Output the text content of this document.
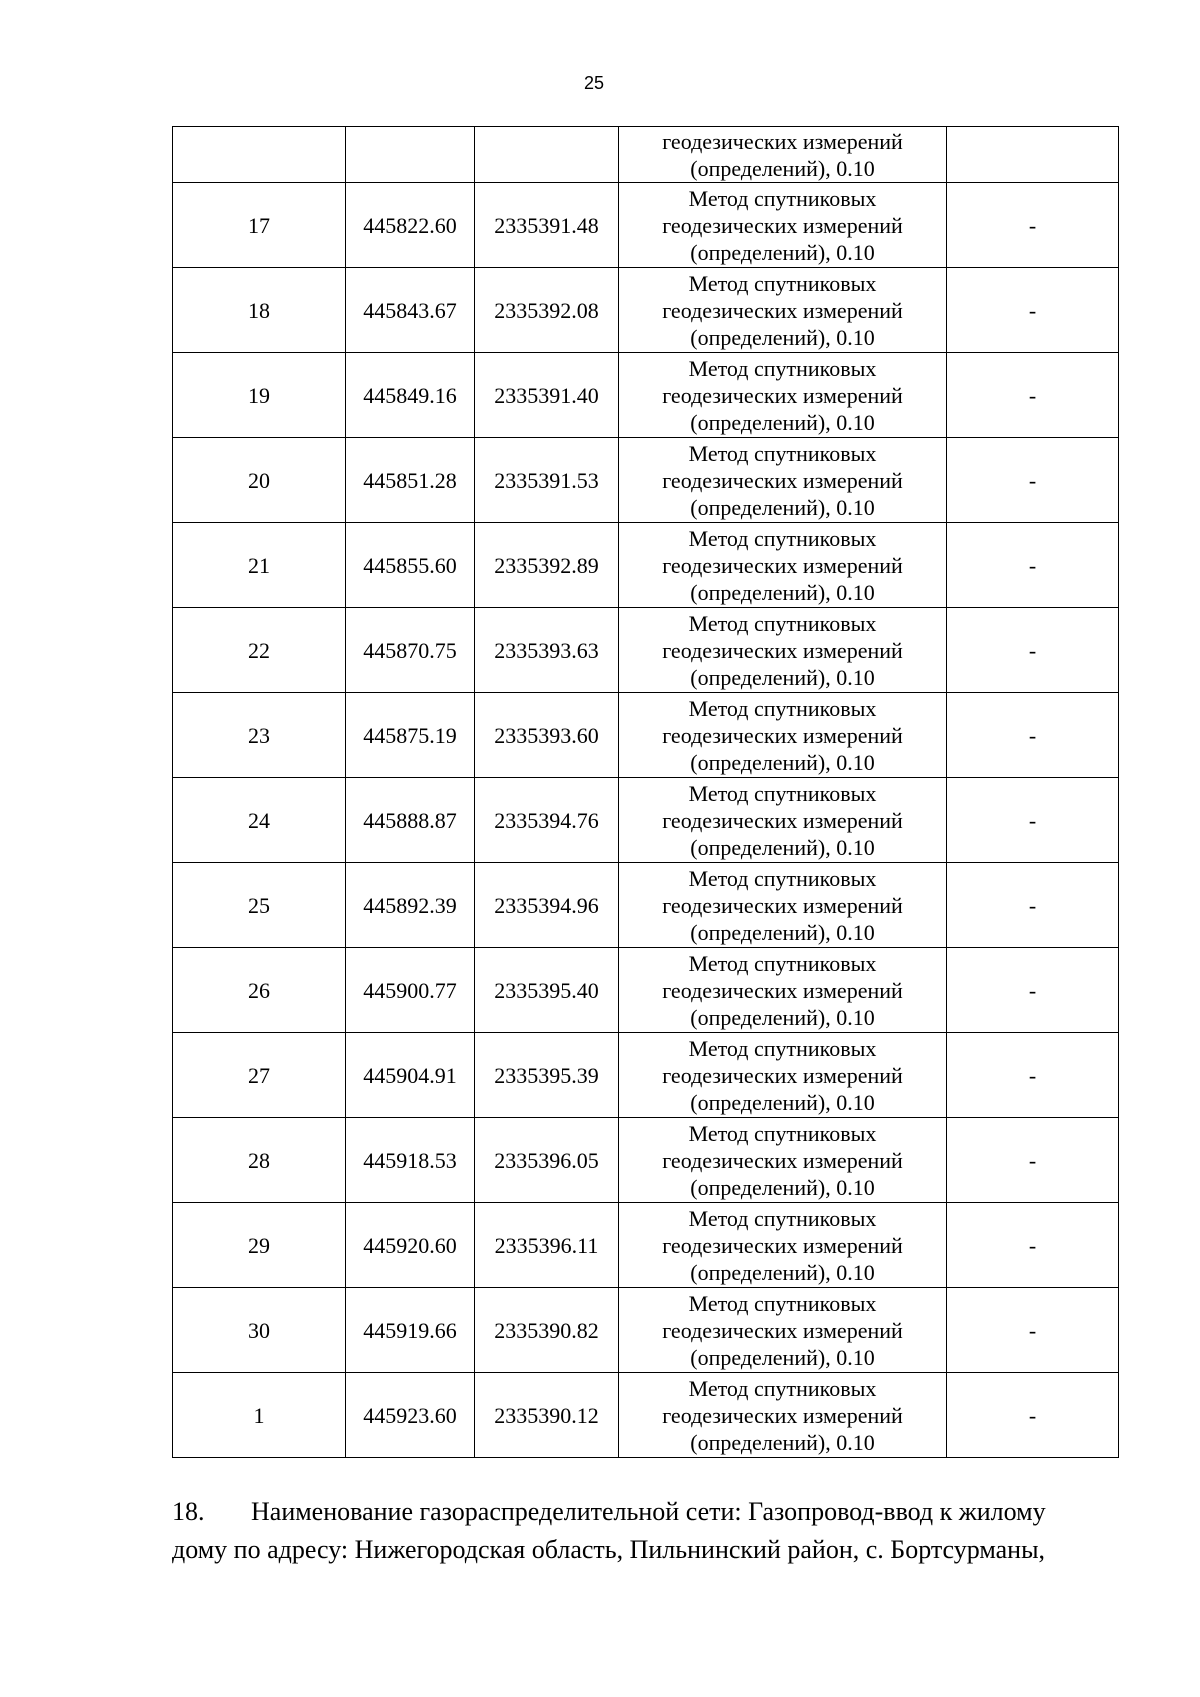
25

			геодезических измерений
(определений), 0.10	

17	445822.60	2335391.48	Метод спутниковых
геодезических измерений
(определений), 0.10	-
18	445843.67	2335392.08	Метод спутниковых
геодезических измерений
(определений), 0.10	-
19	445849.16	2335391.40	Метод спутниковых
геодезических измерений
(определений), 0.10	-
20	445851.28	2335391.53	Метод спутниковых
геодезических измерений
(определений), 0.10	-
21	445855.60	2335392.89	Метод спутниковых
геодезических измерений
(определений), 0.10	-
22	445870.75	2335393.63	Метод спутниковых
геодезических измерений
(определений), 0.10	-
23	445875.19	2335393.60	Метод спутниковых
геодезических измерений
(определений), 0.10	-
24	445888.87	2335394.76	Метод спутниковых
геодезических измерений
(определений), 0.10	-
25	445892.39	2335394.96	Метод спутниковых
геодезических измерений
(определений), 0.10	-
26	445900.77	2335395.40	Метод спутниковых
геодезических измерений
(определений), 0.10	-
27	445904.91	2335395.39	Метод спутниковых
геодезических измерений
(определений), 0.10	-
28	445918.53	2335396.05	Метод спутниковых
геодезических измерений
(определений), 0.10	-
29	445920.60	2335396.11	Метод спутниковых
геодезических измерений
(определений), 0.10	-
30	445919.66	2335390.82	Метод спутниковых
геодезических измерений
(определений), 0.10	-
1	445923.60	2335390.12	Метод спутниковых
геодезических измерений
(определений), 0.10	-
18. Наименование газораспределительной сети: Газопровод-ввод к жилому
дому по адресу: Нижегородская область, Пильнинский район, с. Бортсурманы,
